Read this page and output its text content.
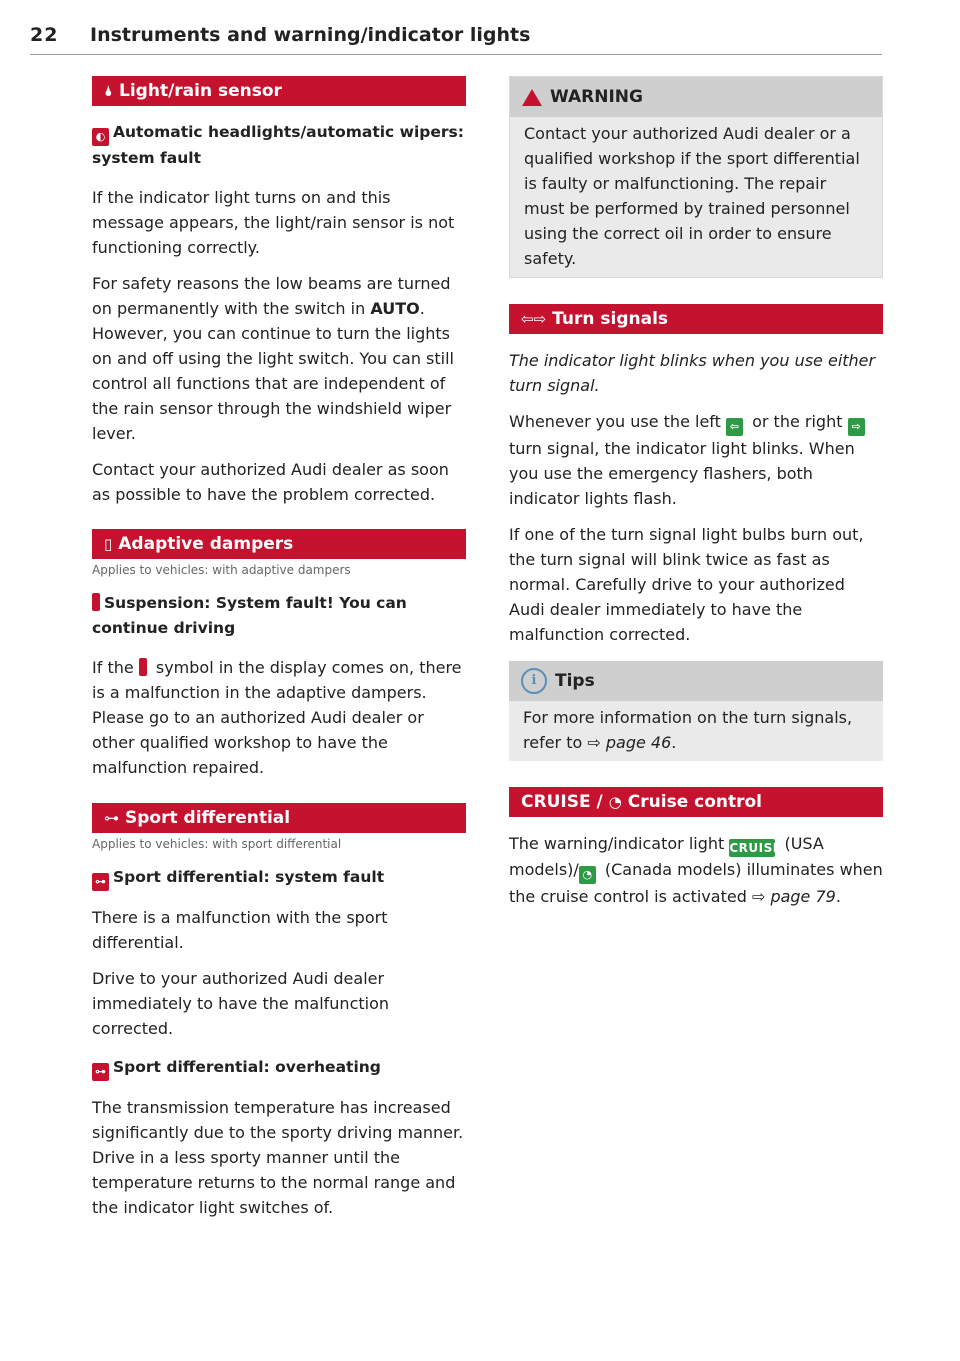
22 Instruments and warning/indicator lights
🌢 Light/rain sensor
◐ Automatic headlights/automatic wipers: system fault
If the indicator light turns on and this message appears, the light/rain sensor is not functioning correctly.
For safety reasons the low beams are turned on permanently with the switch in AUTO. However, you can continue to turn the lights on and off using the light switch. You can still control all functions that are independent of the rain sensor through the windshield wiper lever.
Contact your authorized Audi dealer as soon as possible to have the problem corrected.
▯ Adaptive dampers
Applies to vehicles: with adaptive dampers
Suspension: System fault! You can continue driving
If the  symbol in the display comes on, there is a malfunction in the adaptive dampers. Please go to an authorized Audi dealer or other qualified workshop to have the malfunction repaired.
⊶ Sport differential
Applies to vehicles: with sport differential
⊶ Sport differential: system fault
There is a malfunction with the sport differential.
Drive to your authorized Audi dealer immediately to have the malfunction corrected.
⊶ Sport differential: overheating
The transmission temperature has increased significantly due to the sporty driving manner. Drive in a less sporty manner until the temperature returns to the normal range and the indicator light switches of.
WARNING
Contact your authorized Audi dealer or a qualified workshop if the sport differential is faulty or malfunctioning. The repair must be performed by trained personnel using the correct oil in order to ensure safety.
⇦⇨ Turn signals
The indicator light blinks when you use either turn signal.
Whenever you use the left ⇦ or the right ⇨ turn signal, the indicator light blinks. When you use the emergency flashers, both indicator lights flash.
If one of the turn signal light bulbs burn out, the turn signal will blink twice as fast as normal. Carefully drive to your authorized Audi dealer immediately to have the malfunction corrected.
i	Tips
For more information on the turn signals, refer to ⇨ page 46.
CRUISE / ◔ Cruise control
The warning/indicator light CRUISE (USA models)/ ◔ (Canada models) illuminates when the cruise control is activated ⇨ page 79.
